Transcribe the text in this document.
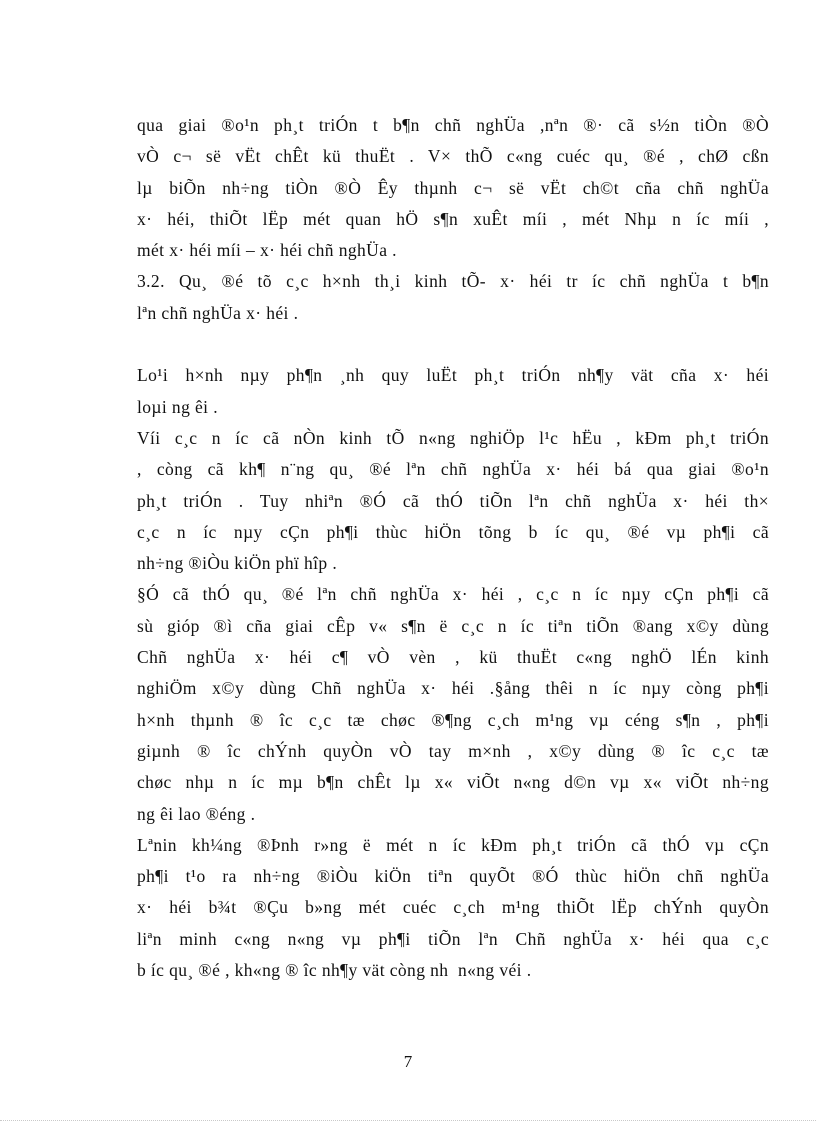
qua giai ®o¹n ph¸t triÓn t b¶n chñ nghÜa ,nªn ®· cã s½n tiÒn ®Ò
vÒ c¬ së vËt chÊt kü thuËt . V× thÕ c«ng cuéc qu¸ ®é , chØ cßn
lµ biÕn nh÷ng tiÒn ®Ò Êy thµnh c¬ së vËt ch©t cña chñ nghÜa
x· héi, thiÕt lËp mét quan hÖ s¶n xuÊt míi , mét Nhµ n íc míi ,
mét x· héi míi – x· héi chñ nghÜa .
3.2. Qu¸ ®é tõ c¸c h×nh th¸i kinh tÕ- x· héi tr íc chñ nghÜa t b¶n
lªn chñ nghÜa x· héi .
Lo¹i h×nh nµy ph¶n ¸nh quy luËt ph¸t triÓn nh¶y vät cña x· héi
loµi ng êi .
Víi c¸c n íc cã nÒn kinh tÕ n«ng nghiÖp l¹c hËu , kÐm ph¸t triÓn
, còng cã kh¶ n¨ng qu¸ ®é lªn chñ nghÜa x· héi bá qua giai ®o¹n
ph¸t triÓn . Tuy nhiªn ®Ó cã thÓ tiÕn lªn chñ nghÜa x· héi th×
c¸c n íc nµy cÇn ph¶i thùc hiÖn tõng b íc qu¸ ®é vµ ph¶i cã
nh÷ng ®iÒu kiÖn phï hîp .
§Ó cã thÓ qu¸ ®é lªn chñ nghÜa x· héi , c¸c n íc nµy cÇn ph¶i cã
sù gióp ®ì cña giai cÊp v« s¶n ë c¸c n íc tiªn tiÕn ®ang x©y dùng
Chñ nghÜa x· héi c¶ vÒ vèn , kü thuËt c«ng nghÖ lÉn kinh
nghiÖm x©y dùng Chñ nghÜa x· héi .§ång thêi n íc nµy còng ph¶i
h×nh thµnh ® îc c¸c tæ chøc ®¶ng c¸ch m¹ng vµ céng s¶n , ph¶i
giµnh ® îc chÝnh quyÒn vÒ tay m×nh , x©y dùng ® îc c¸c tæ
chøc nhµ n íc mµ b¶n chÊt lµ x« viÕt n«ng d©n vµ x« viÕt nh÷ng
ng êi lao ®éng .
Lªnin kh¼ng ®Þnh r»ng ë mét n íc kÐm ph¸t triÓn cã thÓ vµ cÇn
ph¶i t¹o ra nh÷ng ®iÒu kiÖn tiªn quyÕt ®Ó thùc hiÖn chñ nghÜa
x· héi b¾t ®Çu b»ng mét cuéc c¸ch m¹ng thiÕt lËp chÝnh quyÒn
liªn minh c«ng n«ng vµ ph¶i tiÕn lªn Chñ nghÜa x· héi qua c¸c
b íc qu¸ ®é , kh«ng ® îc nh¶y vät còng nh  n«ng véi .
7
